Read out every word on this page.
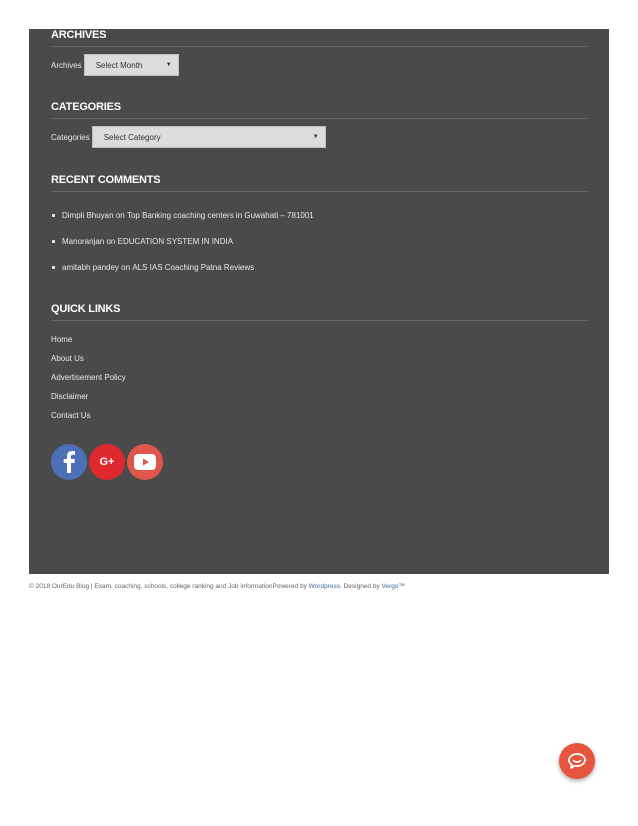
ARCHIVES
Archives Select Month	▼
CATEGORIES
Categories Select Category	▼
RECENT COMMENTS
Dimpli Bhuyan
on
Top Banking coaching centers in Guwahati – 781001
Manoranjan
on
EDUCATION SYSTEM IN INDIA
amitabh pandey
on
ALS IAS Coaching Patna Reviews
QUICK LINKS
Home
About Us
Advertisement Policy
Disclaimer
Contact Us
G+
© 2018 OurEdu Blog | Exam, coaching, schools, college ranking and Job informationPowered by Wordpress. Designed by Vergo™
